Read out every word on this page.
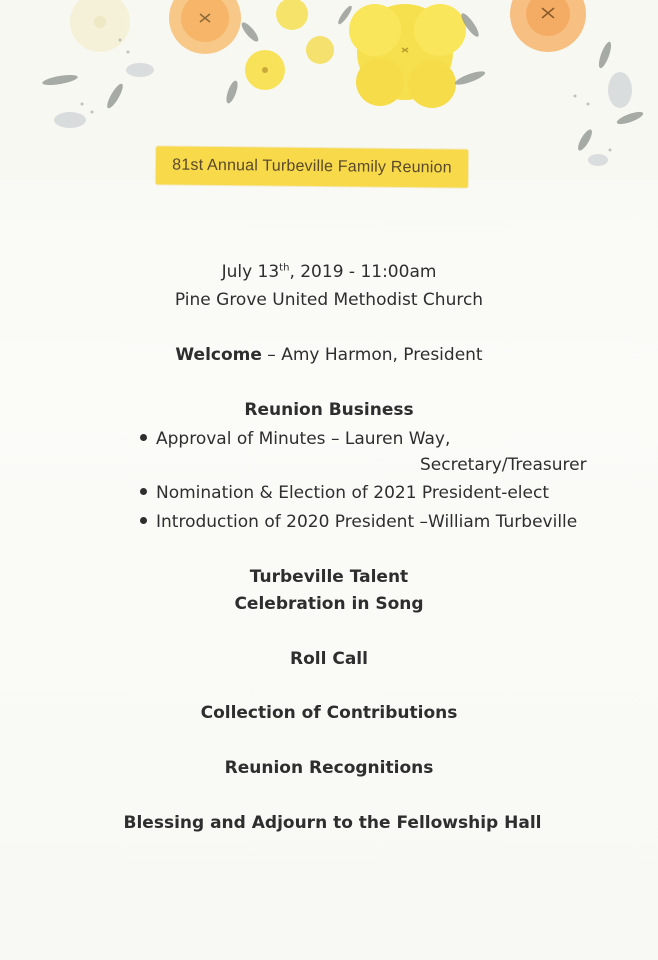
81st Annual Turbeville Family Reunion
July 13th, 2019 - 11:00am
Pine Grove United Methodist Church
Welcome – Amy Harmon, President
Reunion Business
Approval of Minutes – Lauren Way,
Secretary/Treasurer
Nomination & Election of 2021 President-elect
Introduction of 2020 President –William Turbeville
Turbeville Talent
Celebration in Song
Roll Call
Collection of Contributions
Reunion Recognitions
Blessing and Adjourn to the Fellowship Hall
